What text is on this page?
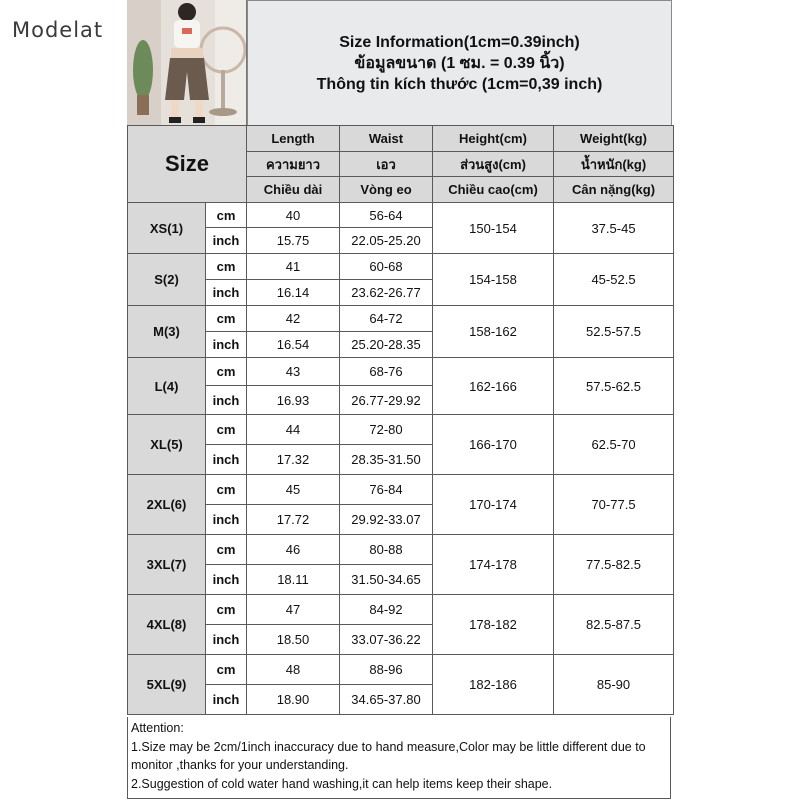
Modelat	Size Information(1cm=0.39inch)
ข้อมูลขนาด (1 ซม. = 0.39 นิ้ว)
Thông tin kích thước (1cm=0,39 inch)
Size		Length	Waist	Height(cm)	Weight(kg)
		ความยาว	เอว	ส่วนสูง(cm)	น้ำหนัก(kg)
		Chiều dài	Vòng eo	Chiều cao(cm)	Cân nặng(kg)
XS(1)	cm	40	56-64	150-154	37.5-45
	inch	15.75	22.05-25.20		
S(2)	cm	41	60-68	154-158	45-52.5
	inch	16.14	23.62-26.77		
M(3)	cm	42	64-72	158-162	52.5-57.5
	inch	16.54	25.20-28.35		
L(4)	cm	43	68-76	162-166	57.5-62.5
	inch	16.93	26.77-29.92		
XL(5)	cm	44	72-80	166-170	62.5-70
	inch	17.32	28.35-31.50		
2XL(6)	cm	45	76-84	170-174	70-77.5
	inch	17.72	29.92-33.07		
3XL(7)	cm	46	80-88	174-178	77.5-82.5
	inch	18.11	31.50-34.65		
4XL(8)	cm	47	84-92	178-182	82.5-87.5
	inch	18.50	33.07-36.22		
5XL(9)	cm	48	88-96	182-186	85-90
	inch	18.90	34.65-37.80		
Attention:
1.Size may be 2cm/1inch inaccuracy due to hand measure,Color may be little different due to monitor ,thanks for your understanding.
2.Suggestion of cold water hand washing,it can help items keep their shape.
